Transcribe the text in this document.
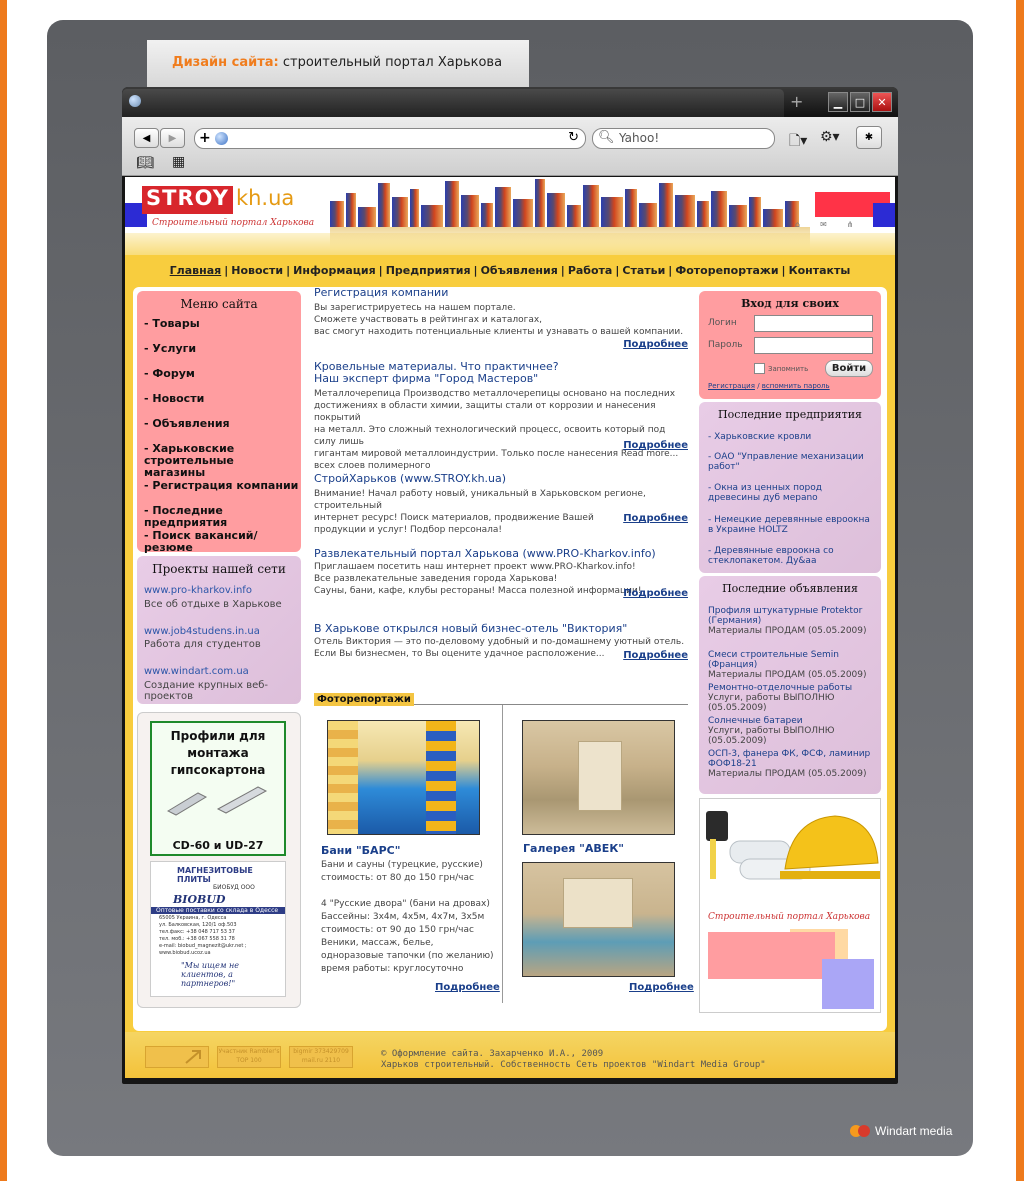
Дизайн сайта: строительный портал Харькова
Windart media
+	▁	□	✕
◀	▶	+	↻ 🔍︎ Yahoo!	🗋▾ ⚙▾	✱
📖︎ ▦
STROY kh.ua
Строительный портал Харькова	⌂	✉	⋔
Главная | Новости | Информация | Предприятия | Объявления | Работа | Статьи | Фоторепортажи | Контакты
Меню сайта
- Товары
- Услуги
- Форум
- Новости
- Объявления
- Харьковские строительные магазины
- Регистрация компании
- Последние предприятия
- Поиск вакансий/резюме
Проекты нашей сети
www.pro-kharkov.info
Все об отдыхе в Харькове
www.job4studens.in.ua
Работа для студентов
www.windart.com.ua
Создание крупных веб-проектов
Профили для монтажа гипсокартона
CD-60 и UD-27
МАГНЕЗИТОВЫЕ ПЛИТЫ
БИОБУД ООО
BIOBUD
Оптовые поставки со склада в Одессе
65005 Украина, г. Одесса
ул. Балковская, 120/1 оф.503
тел.факс: +38 048 717 53 37
тел. моб.: +38 067 558 31 78
e-mail: biobud_magnezit@ukr.net ; www.biobud.ucoz.ua
"Мы ищем не клиентов, а партнеров!"
Регистрация компании
Вы зарегистрируетесь на нашем портале.
Сможете участвовать в рейтингах и каталогах,
вас смогут находить потенциальные клиенты и узнавать о вашей компании.
Подробнее
Кровельные материалы. Что практичнее?
Наш эксперт фирма "Город Мастеров"
Металлочерепица Производство металлочерепицы основано на последних
достижениях в области химии, защиты стали от коррозии и нанесения покрытий
на металл. Это сложный технологический процесс, освоить который под силу лишь
гигантам мировой металлоиндустрии. Только после нанесения Read more...
всех слоев полимерного
Подробнее
СтройХарьков (www.STROY.kh.ua)
Внимание! Начал работу новый, уникальный в Харьковском регионе, строительный
интернет ресурс! Поиск материалов, продвижение Вашей
продукции и услуг! Подбор персонала!
Подробнее
Развлекательный портал Харькова (www.PRO-Kharkov.info)
Приглашаем посетить наш интернет проект www.PRO-Kharkov.info!
Все развлекательные заведения города Харькова!
Сауны, бани, кафе, клубы рестораны! Масса полезной информации!
Подробнее
В Харькове открылся новый бизнес-отель "Виктория"
Отель Виктория — это по-деловому удобный и по-домашнему уютный отель.
Если Вы бизнесмен, то Вы оцените удачное расположение...	Подробнее
Фоторепортажи
Бани "БАРС"
Бани и сауны (турецкие, русские)
стоимость: от 80 до 150 грн/час

4 "Русские двора" (бани на дровах)
Бассейны: 3х4м, 4х5м, 4х7м, 3х5м
стоимость: от 90 до 150 грн/час
Веники, массаж, белье,
одноразовые тапочки (по желанию)
время работы: круглосуточно
Подробнее
Галерея "АВЕК"
Подробнее
Вход для своих
Логин
Пароль
Запомнить	Войти
Регистрация / вспомнить пароль
Последние предприятия
- Харьковские кровли
- ОАО "Управление механизации работ"
- Окна из ценных пород древесины дуб мераnо
- Немецкие деревянные евроокна в Украине HOLTZ
- Деревянные евроокна со стеклопакетом. Ду&аа
Последние объявления
Профиля штукатурные Protektor (Германия)
Материалы ПРОДАМ (05.05.2009)
Смеси строительные Semin (Франция)
Материалы ПРОДАМ (05.05.2009)
Ремонтно-отделочные работы
Услуги, работы ВЫПОЛНЮ (05.05.2009)
Солнечные батареи
Услуги, работы ВЫПОЛНЮ (05.05.2009)
ОСП-3, фанера ФК, ФСФ, ламинир ФОФ18-21
Материалы ПРОДАМ (05.05.2009)
Строительный портал Харькова
Участник Rambler's TOP 100
bigmir 373429709 mail.ru 2110
© Оформление сайта. Захарченко И.А., 2009
Харьков строительный. Собственность Сеть проектов "Windart Media Group"
